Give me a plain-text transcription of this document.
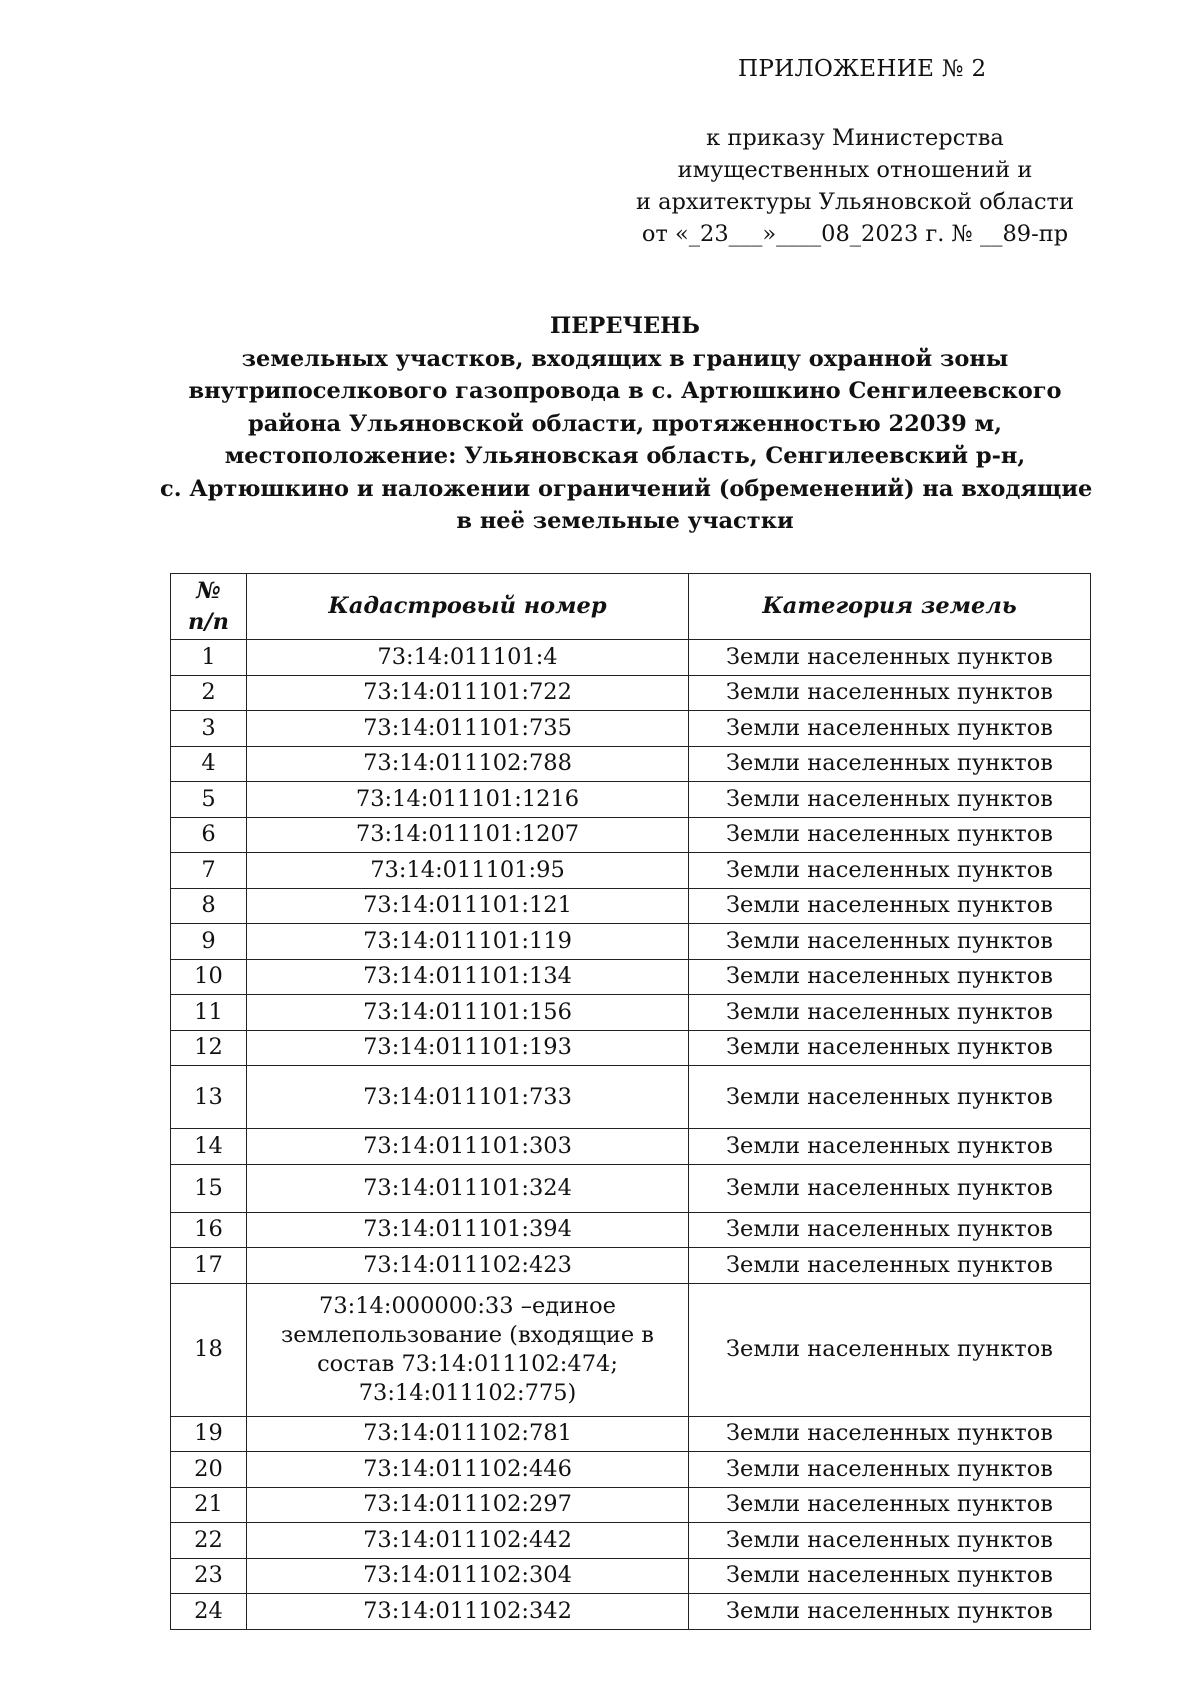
ПРИЛОЖЕНИЕ № 2

к приказу Министерства
имущественных отношений и
и архитектуры Ульяновской области
от «_23___»____08_2023 г. № __89-пр
ПЕРЕЧЕНЬ
земельных участков, входящих в границу охранной зоны
внутрипоселкового газопровода в с. Артюшкино Сенгилеевского
района Ульяновской области, протяженностью 22039 м,
местоположение: Ульяновская область, Сенгилеевский р-н,
с. Артюшкино и наложении ограничений (обременений) на входящие
в неё земельные участки
№
п/п	Кадастровый номер	Категория земель
1	73:14:011101:4	Земли населенных пунктов
2	73:14:011101:722	Земли населенных пунктов
3	73:14:011101:735	Земли населенных пунктов
4	73:14:011102:788	Земли населенных пунктов
5	73:14:011101:1216	Земли населенных пунктов
6	73:14:011101:1207	Земли населенных пунктов
7	73:14:011101:95	Земли населенных пунктов
8	73:14:011101:121	Земли населенных пунктов
9	73:14:011101:119	Земли населенных пунктов
10	73:14:011101:134	Земли населенных пунктов
11	73:14:011101:156	Земли населенных пунктов
12	73:14:011101:193	Земли населенных пунктов
13	73:14:011101:733	Земли населенных пунктов
14	73:14:011101:303	Земли населенных пунктов
15	73:14:011101:324	Земли населенных пунктов
16	73:14:011101:394	Земли населенных пунктов
17	73:14:011102:423	Земли населенных пунктов
18	73:14:000000:33 –единое
землепользование (входящие в
состав 73:14:011102:474;
73:14:011102:775)	Земли населенных пунктов
19	73:14:011102:781	Земли населенных пунктов
20	73:14:011102:446	Земли населенных пунктов
21	73:14:011102:297	Земли населенных пунктов
22	73:14:011102:442	Земли населенных пунктов
23	73:14:011102:304	Земли населенных пунктов
24	73:14:011102:342	Земли населенных пунктов
